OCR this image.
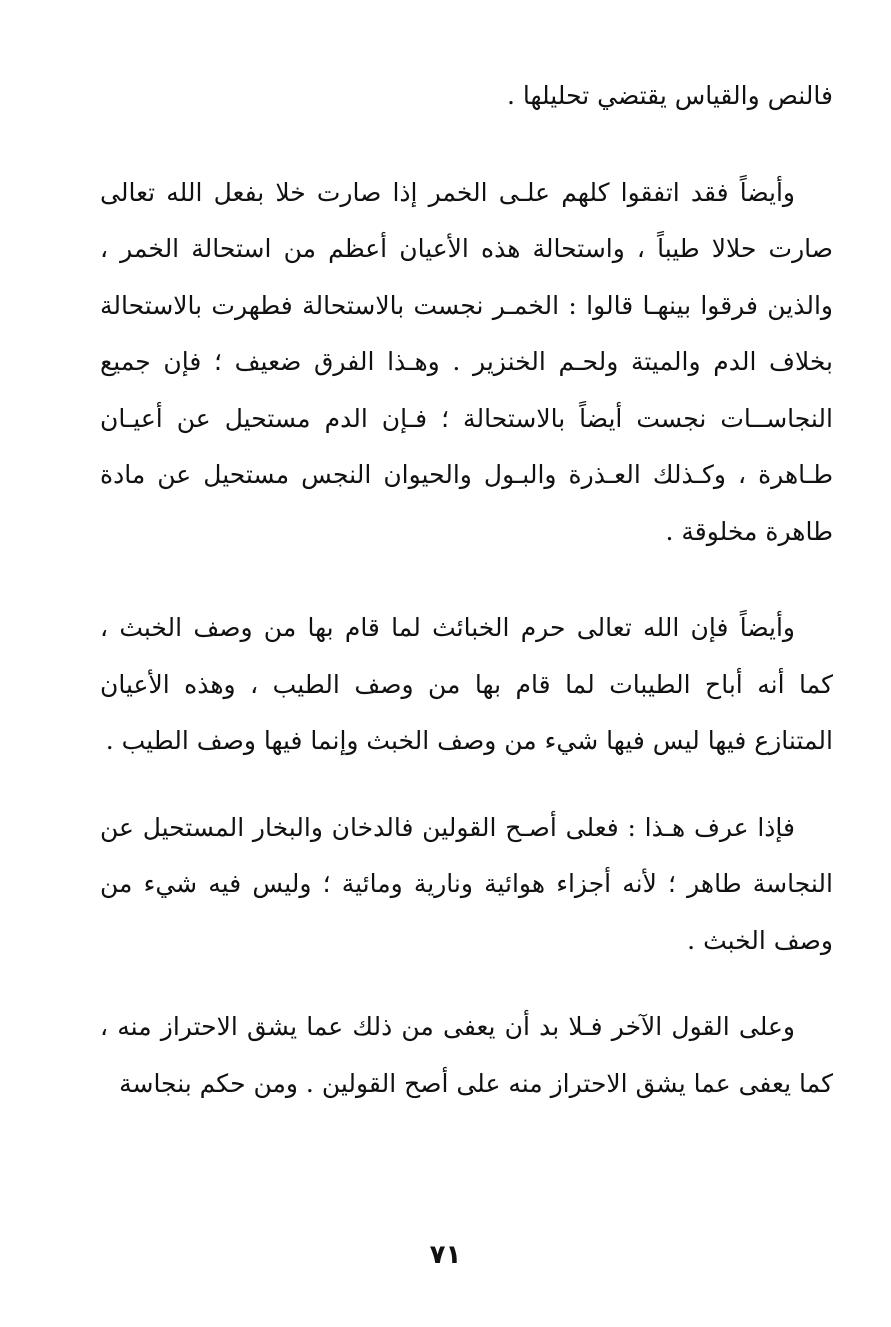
فالنص والقياس يقتضي تحليلها .

وأيضاً فقد اتفقوا كلهم علـى الخمر إذا صارت خلا بفعل الله تعالى صارت حلالا طيباً ، واستحالة هذه الأعيان أعظم من استحالة الخمر ، والذين فرقوا بينهـا قالوا : الخمـر نجست بالاستحالة فطهرت بالاستحالة بخلاف الدم والميتة ولحـم الخنزير . وهـذا الفرق ضعيف ؛ فإن جميع النجاســات نجست أيضاً بالاستحالة ؛ فـإن الدم مستحيل عن أعيـان طـاهرة ، وكـذلك العـذرة والبـول والحيوان النجس مستحيل عن مادة طاهرة مخلوقة .

وأيضاً فإن الله تعالى حرم الخبائث لما قام بها من وصف الخبث ، كما أنه أباح الطيبات لما قام بها من وصف الطيب ، وهذه الأعيان المتنازع فيها ليس فيها شيء من وصف الخبث وإنما فيها وصف الطيب .

فإذا عرف هـذا : فعلى أصـح القولين فالدخان والبخار المستحيل عن النجاسة طاهر ؛ لأنه أجزاء هوائية ونارية ومائية ؛ وليس فيه شيء من وصف الخبث .

وعلى القول الآخر فـلا بد أن يعفى من ذلك عما يشق الاحتراز منه ، كما يعفى عما يشق الاحتراز منه على أصح القولين . ومن حكم بنجاسة

٧١
